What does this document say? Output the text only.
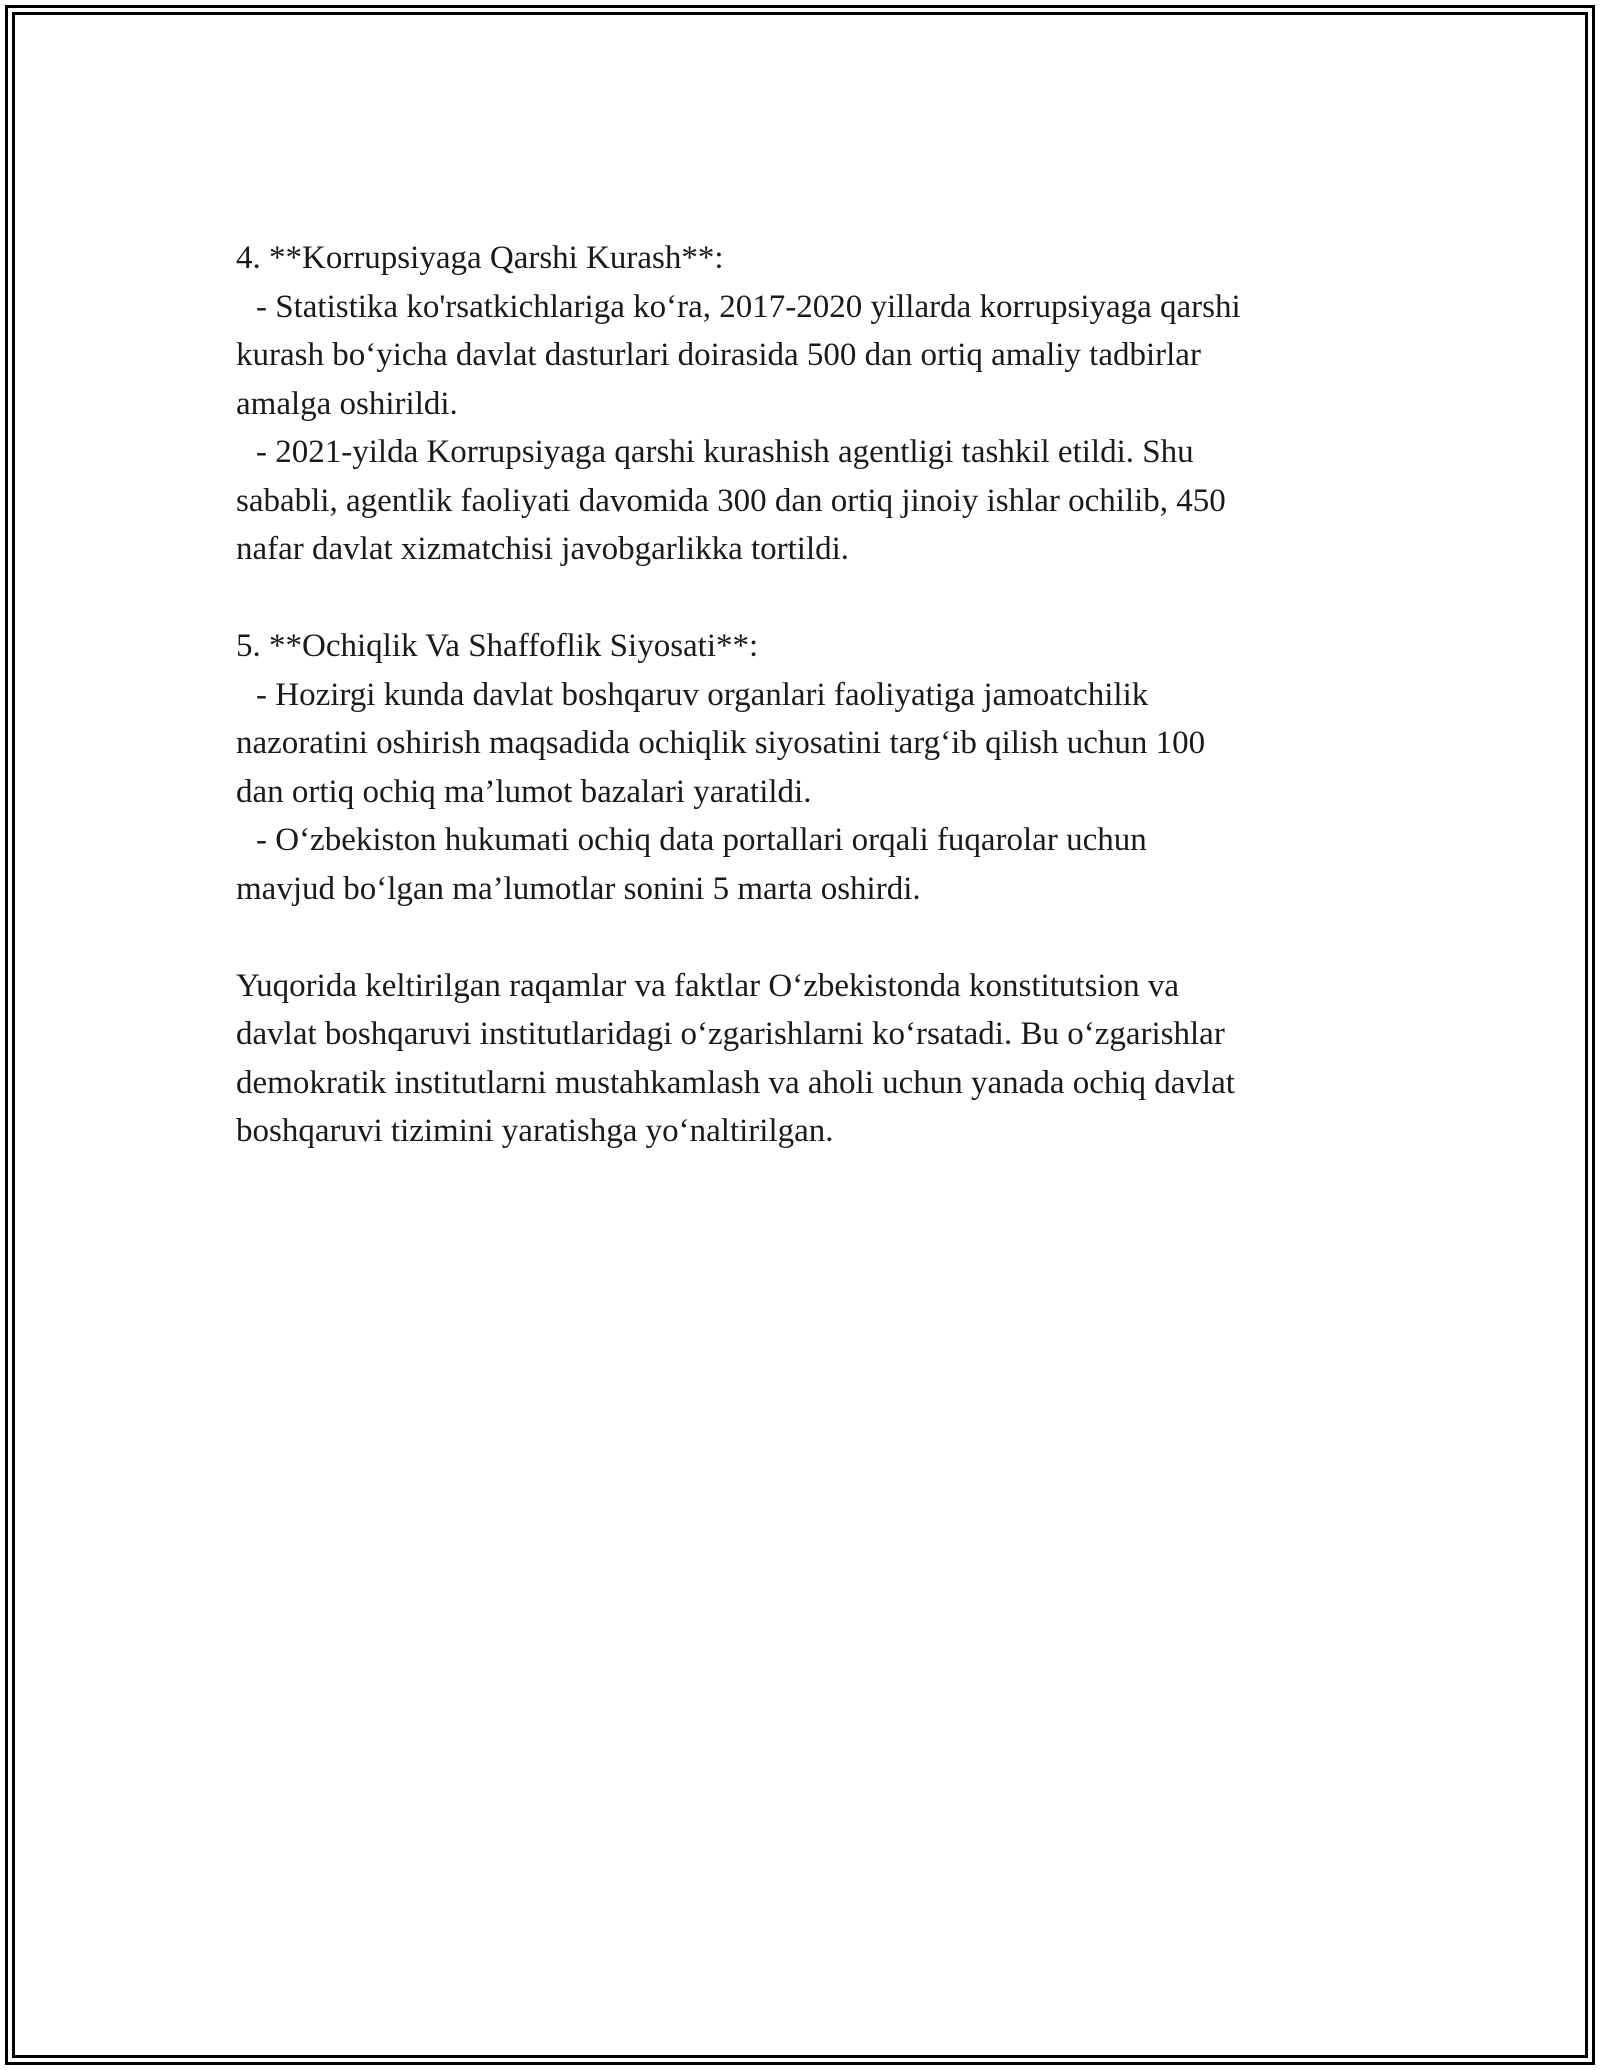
4. **Korrupsiyaga Qarshi Kurash**:
- Statistika ko'rsatkichlariga ko‘ra, 2017-2020 yillarda korrupsiyaga qarshi
kurash bo‘yicha davlat dasturlari doirasida 500 dan ortiq amaliy tadbirlar
amalga oshirildi.
- 2021-yilda Korrupsiyaga qarshi kurashish agentligi tashkil etildi. Shu
sababli, agentlik faoliyati davomida 300 dan ortiq jinoiy ishlar ochilib, 450
nafar davlat xizmatchisi javobgarlikka tortildi.
5. **Ochiqlik Va Shaffoflik Siyosati**:
- Hozirgi kunda davlat boshqaruv organlari faoliyatiga jamoatchilik
nazoratini oshirish maqsadida ochiqlik siyosatini targ‘ib qilish uchun 100
dan ortiq ochiq ma’lumot bazalari yaratildi.
- O‘zbekiston hukumati ochiq data portallari orqali fuqarolar uchun
mavjud bo‘lgan ma’lumotlar sonini 5 marta oshirdi.
Yuqorida keltirilgan raqamlar va faktlar O‘zbekistonda konstitutsion va
davlat boshqaruvi institutlaridagi o‘zgarishlarni ko‘rsatadi. Bu o‘zgarishlar
demokratik institutlarni mustahkamlash va aholi uchun yanada ochiq davlat
boshqaruvi tizimini yaratishga yo‘naltirilgan.
